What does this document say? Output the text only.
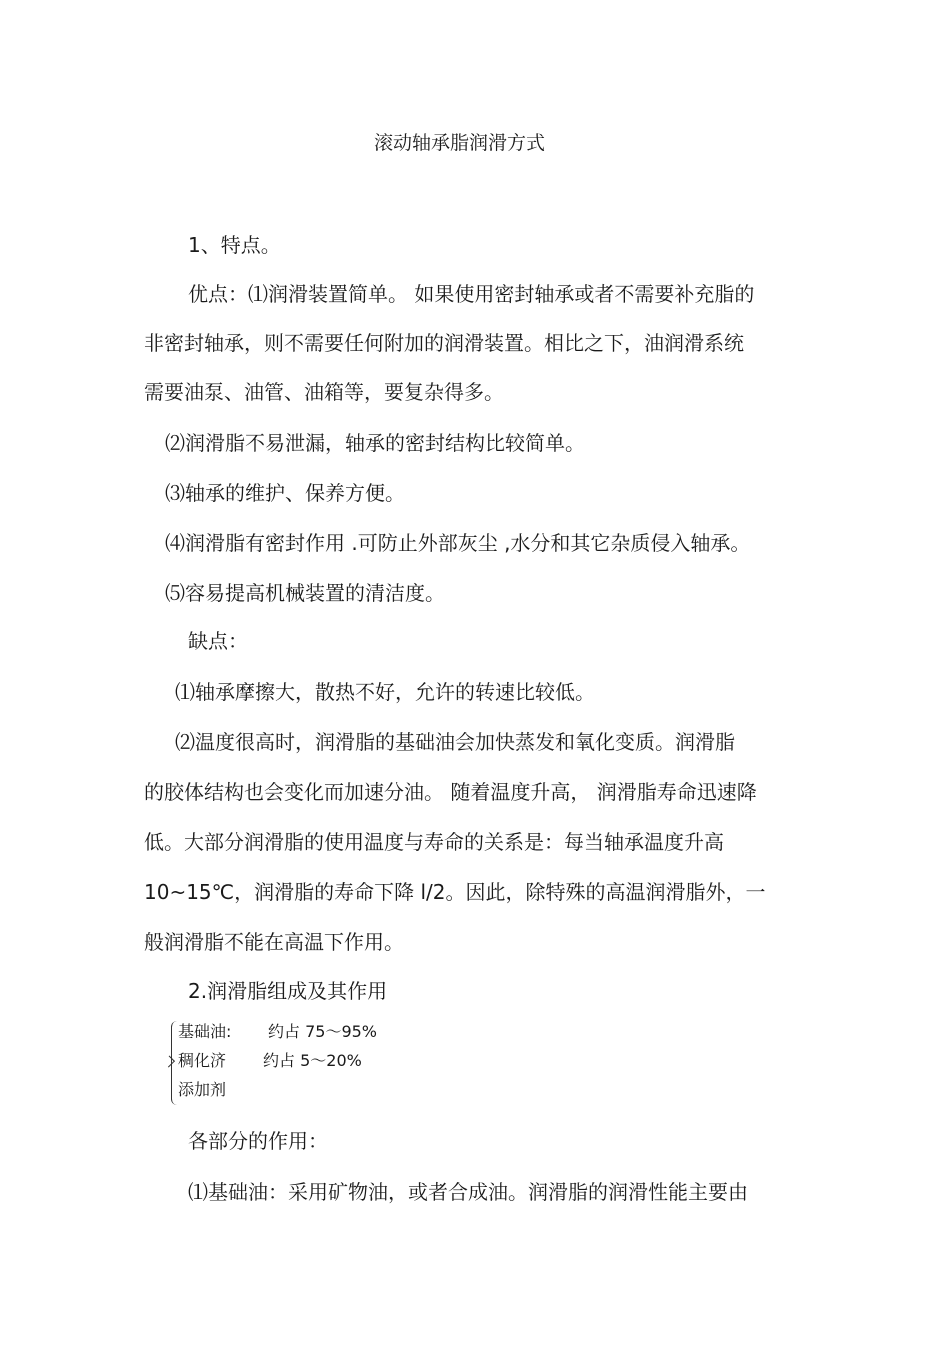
滚动轴承脂润滑方式
1、特点。
优点：⑴润滑装置简单。 如果使用密封轴承或者不需要补充脂的
非密封轴承，则不需要任何附加的润滑装置。相比之下，油润滑系统
需要油泵、油管、油箱等，要复杂得多。
⑵润滑脂不易泄漏，轴承的密封结构比较简单。
⑶轴承的维护、保养方便。
⑷润滑脂有密封作用 .可防止外部灰尘 ,水分和其它杂质侵入轴承。
⑸容易提高机械装置的清洁度。
缺点：
⑴轴承摩擦大，散热不好，允许的转速比较低。
⑵温度很高时，润滑脂的基础油会加快蒸发和氧化变质。润滑脂
的胶体结构也会变化而加速分油。 随着温度升高， 润滑脂寿命迅速降
低。大部分润滑脂的使用温度与寿命的关系是：每当轴承温度升高
10~15℃，润滑脂的寿命下降 l/2。因此，除特殊的高温润滑脂外，一
般润滑脂不能在高温下作用。
2.润滑脂组成及其作用
基础油: 约占 75～95%
稠化济 约占 5～20%
添加剂
各部分的作用：
⑴基础油：采用矿物油，或者合成油。润滑脂的润滑性能主要由
